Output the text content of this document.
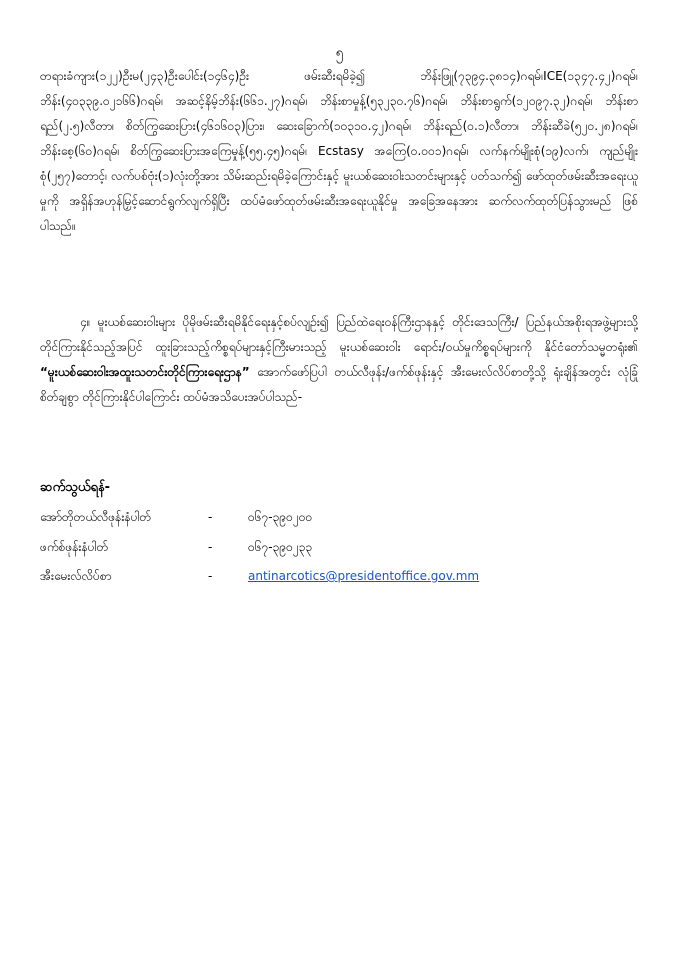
၅

တရားခံကျား(၁၂၂)ဦးမ(၂၄၃)ဦးပေါင်း(၁၄၆၄)ဦး ဖမ်းဆီးရမိခဲ့၍ ဘိန်းဖြူ(၇၃၉၄.၃၈၁၄)ဂရမ်၊ICE(၁၃၄၇.၄၂)ဂရမ်၊ ဘိန်း(၄၀၃၃၉.၀၂၁၆၆)ဂရမ်၊ အဆင့်နိမ့်ဘိန်း(၆၆၁.၂၇)ဂရမ်၊ ဘိန်းစာမှုန့်(၅၃၂၃၀.၇၆)ဂရမ်၊ ဘိန်းစာရွက်(၁၂၀၉၇.၃၂)ဂရမ်၊ ဘိန်းစာရည်(၂.၅)လီတာ၊ စိတ်ကြွဆေးပြား(၄၆၁၆၀၃)ပြား၊ ဆေးခြောက်(၁၀၃၁၀.၄၂)ဂရမ်၊ ဘိန်းရည်(၀.၁)လီတာ၊ ဘိန်းဆီခဲ(၅၂၀.၂၈)ဂရမ်၊ ဘိန်းစေ့(၆၀)ဂရမ်၊ စိတ်ကြွဆေးပြားအကြေမှုန့်(၅၅.၄၅)ဂရမ်၊ Ecstasy အကြေ(၀.၀၀၁)ဂရမ်၊ လက်နက်မျိုးစုံ(၁၉)လက်၊ ကျည်မျိုးစုံ(၂၅၇)တောင့်၊ လက်ပစ်ဗုံး(၁)လုံးတို့အား သိမ်းဆည်းရမိခဲ့ကြောင်းနှင့် မူးယစ်ဆေးဝါးသတင်းများနှင့် ပတ်သက်၍ ဖော်ထုတ်ဖမ်းဆီးအရေးယူမှုကို အရှိန်အဟုန်မြှင့်ဆောင်ရွက်လျက်ရှိပြီး ထပ်မံဖော်ထုတ်ဖမ်းဆီးအရေးယူနိုင်မှု အခြေအနေအား ဆက်လက်ထုတ်ပြန်သွားမည် ဖြစ်ပါသည်။

၄။ မူးယစ်ဆေးဝါးများ ပိုမိုဖမ်းဆီးရမိနိုင်ရေးနှင့်စပ်လျဉ်း၍ ပြည်ထဲရေးဝန်ကြီးဌာနနှင့် တိုင်းဒေသကြီး/ ပြည်နယ်အစိုးရအဖွဲ့များသို့ တိုင်ကြားနိုင်သည့်အပြင် ထူးခြားသည့်ကိစ္စရပ်များနှင့်ကြီးမားသည့် မူးယစ်ဆေးဝါး ရောင်း/ဝယ်မှုကိစ္စရပ်များကို နိုင်ငံတော်သမ္မတရုံး၏ “မူးယစ်ဆေးဝါးအထူးသတင်းတိုင်ကြားရေးဌာန” အောက်ဖော်ပြပါ တယ်လီဖုန်း/ဖက်စ်ဖုန်းနှင့် အီးမေးလ်လိပ်စာတို့သို့ ရုံးချိန်အတွင်း လုံခြုံစိတ်ချစွာ တိုင်ကြားနိုင်ပါကြောင်း ထပ်မံအသိပေးအပ်ပါသည်-

ဆက်သွယ်ရန်-
အော်တိုတယ်လီဖုန်းနံပါတ်	-	၀၆၇-၃၉၀၂၀၀
ဖက်စ်ဖုန်းနံပါတ်	-	၀၆၇-၃၉၀၂၃၃
အီးမေးလ်လိပ်စာ	-	antinarcotics@presidentoffice.gov.mm
